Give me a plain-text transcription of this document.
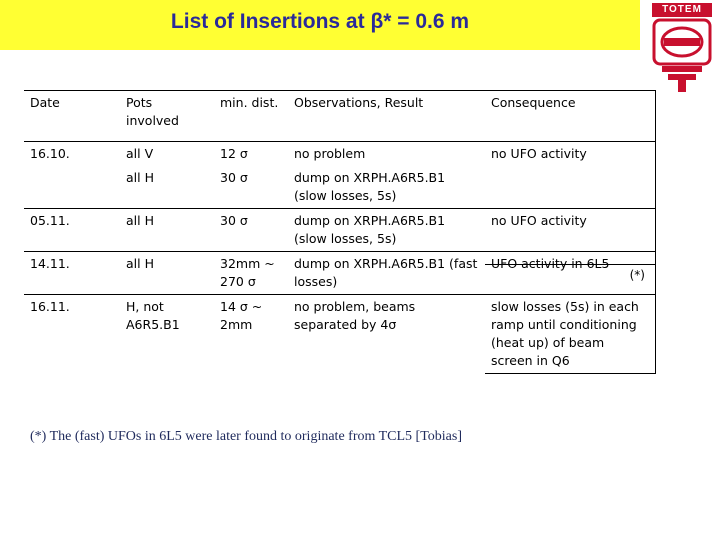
List of Insertions at β* = 0.6 m
TOTEM
Date	Pots involved	min. dist.	Observations, Result	Consequence
16.10.	all V	12 σ	no problem	no UFO activity
	all H	30 σ	dump on XRPH.A6R5.B1 (slow losses, 5s)	
05.11.	all H	30 σ	dump on XRPH.A6R5.B1 (slow losses, 5s)	no UFO activity
14.11.	all H	32mm ~ 270 σ	dump on XRPH.A6R5.B1 (fast losses)	UFO activity in 6L5
(*)

16.11.	H, not A6R5.B1	14 σ ~ 2mm	no problem, beams separated by 4σ	slow losses (5s) in each ramp until conditioning (heat up) of beam screen in Q6
(*) The (fast) UFOs in 6L5 were later found to originate from TCL5 [Tobias]
